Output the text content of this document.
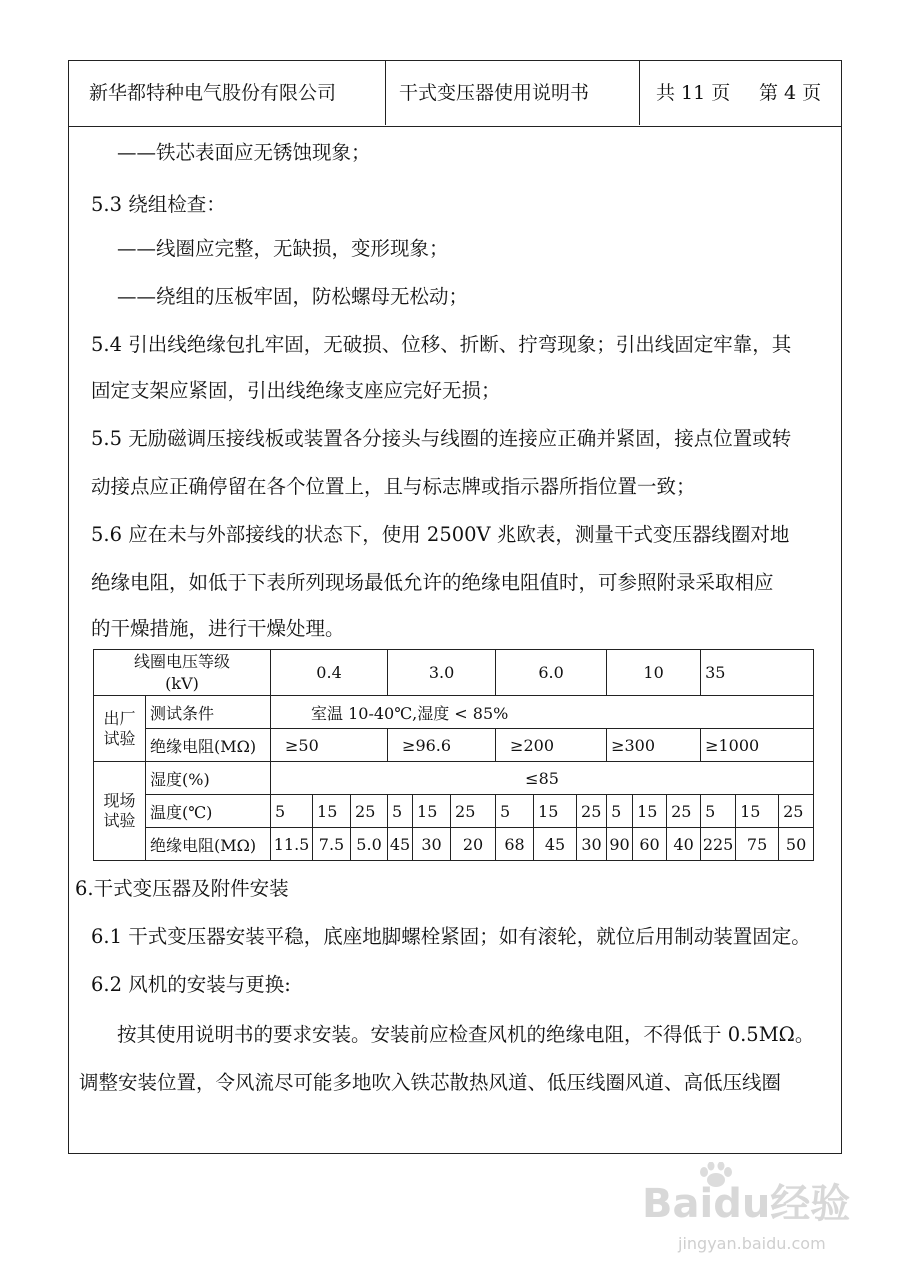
新华都特种电气股份有限公司	干式变压器使用说明书	共 11 页 第 4 页
——铁芯表面应无锈蚀现象；
5.3 绕组检查：
——线圈应完整，无缺损，变形现象；
——绕组的压板牢固，防松螺母无松动；
5.4 引出线绝缘包扎牢固，无破损、位移、折断、拧弯现象；引出线固定牢靠，其
固定支架应紧固，引出线绝缘支座应完好无损；
5.5 无励磁调压接线板或装置各分接头与线圈的连接应正确并紧固，接点位置或转
动接点应正确停留在各个位置上，且与标志牌或指示器所指位置一致；
5.6 应在未与外部接线的状态下，使用 2500V 兆欧表，测量干式变压器线圈对地
绝缘电阻，如低于下表所列现场最低允许的绝缘电阻值时，可参照附录采取相应
的干燥措施，进行干燥处理。
线圈电压等级
(kV)		0.4			3.0			6.0			10			35		

出厂
试验	测试条件	室温 10-40℃,湿度 < 85%														
	绝缘电阻(MΩ)	≥50			≥96.6			≥200			≥300			≥1000		

现场
试验	湿度(%)	≤85														
	温度(℃)	5	15	25	5	15	25	5	15	25	5	15	25	5	15	25
	绝缘电阻(MΩ)	11.5	7.5	5.0	45	30	20	68	45	30	90	60	40	225	75	50
6.干式变压器及附件安装
6.1 干式变压器安装平稳，底座地脚螺栓紧固；如有滚轮，就位后用制动装置固定。
6.2 风机的安装与更换:
按其使用说明书的要求安装。安装前应检查风机的绝缘电阻，不得低于 0.5MΩ。
调整安装位置，令风流尽可能多地吹入铁芯散热风道、低压线圈风道、高低压线圈
Baidu经验
jingyan.baidu.com
